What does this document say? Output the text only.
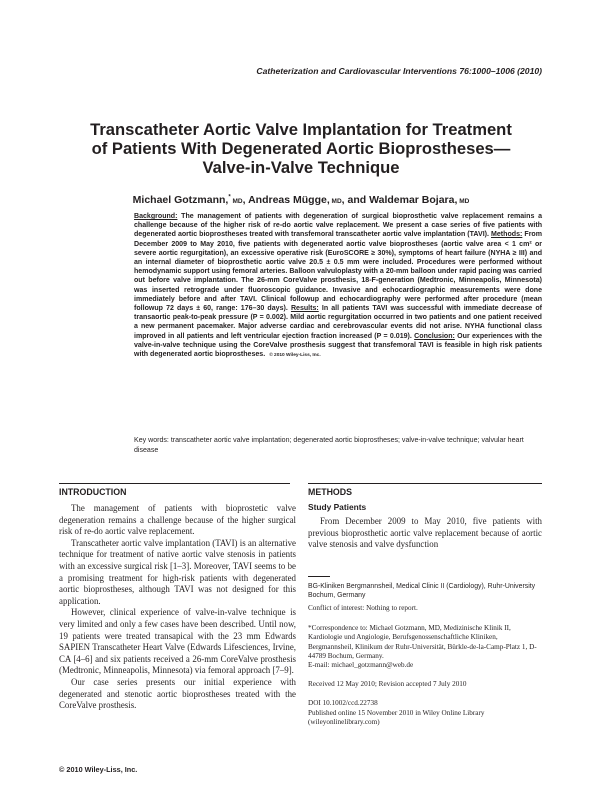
Catheterization and Cardiovascular Interventions 76:1000–1006 (2010)
Transcatheter Aortic Valve Implantation for Treatment
of Patients With Degenerated Aortic Bioprostheses—
Valve-in-Valve Technique
Michael Gotzmann,* MD, Andreas Mügge, MD, and Waldemar Bojara, MD
Background: The management of patients with degeneration of surgical bioprosthetic valve replacement remains a challenge because of the higher risk of re-do aortic valve replacement. We present a case series of five patients with degenerated aortic bioprostheses treated with transfemoral transcatheter aortic valve implantation (TAVI). Methods: From December 2009 to May 2010, five patients with degenerated aortic valve bioprostheses (aortic valve area < 1 cm² or severe aortic regurgitation), an excessive operative risk (EuroSCORE ≥ 30%), symptoms of heart failure (NYHA ≥ III) and an internal diameter of bioprosthetic aortic valve 20.5 ± 0.5 mm were included. Procedures were performed without hemodynamic support using femoral arteries. Balloon valvuloplasty with a 20-mm balloon under rapid pacing was carried out before valve implantation. The 26-mm CoreValve prosthesis, 18-F-generation (Medtronic, Minneapolis, Minnesota) was inserted retrograde under fluoroscopic guidance. Invasive and echocardiographic measurements were done immediately before and after TAVI. Clinical followup and echocardiography were performed after procedure (mean followup 72 days ± 60, range: 176–30 days). Results: In all patients TAVI was successful with immediate decrease of transaortic peak-to-peak pressure (P = 0.002). Mild aortic regurgitation occurred in two patients and one patient received a new permanent pacemaker. Major adverse cardiac and cerebrovascular events did not arise. NYHA functional class improved in all patients and left ventricular ejection fraction increased (P = 0.019). Conclusion: Our experiences with the valve-in-valve technique using the CoreValve prosthesis suggest that transfemoral TAVI is feasible in high risk patients with degenerated aortic bioprostheses. © 2010 Wiley-Liss, Inc.
Key words: transcatheter aortic valve implantation; degenerated aortic bioprostheses; valve-in-valve technique; valvular heart disease
INTRODUCTION

The management of patients with bioprostetic valve degeneration remains a challenge because of the higher surgical risk of re-do aortic valve replacement.

Transcatheter aortic valve implantation (TAVI) is an alternative technique for treatment of native aortic valve stenosis in patients with an excessive surgical risk [1–3]. Moreover, TAVI seems to be a promising treatment for high-risk patients with degenerated aortic bioprostheses, although TAVI was not designed for this application.

However, clinical experience of valve-in-valve technique is very limited and only a few cases have been described. Until now, 19 patients were treated transapical with the 23 mm Edwards SAPIEN Transcatheter Heart Valve (Edwards Lifesciences, Irvine, CA [4–6] and six patients received a 26-mm CoreValve prosthesis (Medtronic, Minneapolis, Minnesota) via femoral approach [7–9].

Our case series presents our initial experience with degenerated and stenotic aortic bioprostheses treated with the CoreValve prosthesis.

METHODS
Study Patients

From December 2009 to May 2010, five patients with previous bioprosthetic aortic valve replacement because of aortic valve stenosis and valve dysfunction

BG-Kliniken Bergmannsheil, Medical Clinic II (Cardiology), Ruhr-University Bochum, Germany
Conflict of interest: Nothing to report.
*Correspondence to: Michael Gotzmann, MD, Medizinische Klinik II, Kardiologie und Angiologie, Berufsgenossenschaftliche Kliniken, Bergmannsheil, Klinikum der Ruhr-Universität, Bürkle-de-la-Camp-Platz 1, D-44789 Bochum, Germany.
E-mail: michael_gotzmann@web.de
Received 12 May 2010; Revision accepted 7 July 2010
DOI 10.1002/ccd.22738
Published online 15 November 2010 in Wiley Online Library (wileyonlinelibrary.com)
© 2010 Wiley-Liss, Inc.
